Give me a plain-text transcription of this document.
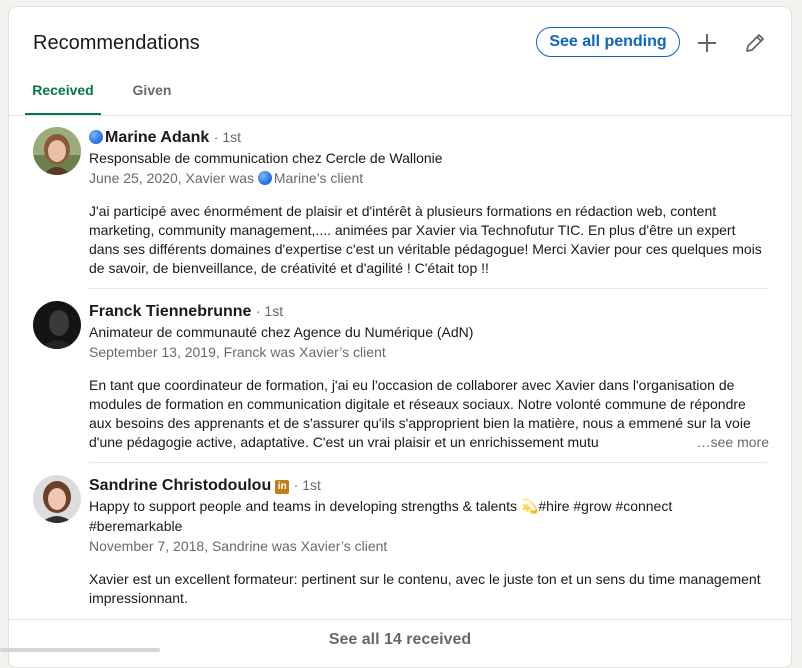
Recommendations	See all pending
Received	Given
Marine Adank · 1st
Responsable de communication chez Cercle de Wallonie
June 25, 2020, Xavier was Marine’s client
J'ai participé avec énormément de plaisir et d'intérêt à plusieurs formations en rédaction web, content marketing, community management,.... animées par Xavier via Technofutur TIC. En plus d'être un expert dans ses différents domaines d'expertise c'est un véritable pédagogue! Merci Xavier pour ces quelques mois de savoir, de bienveillance, de créativité et d'agilité ! C'était top !!
Franck Tiennebrunne · 1st
Animateur de communauté chez Agence du Numérique (AdN)
September 13, 2019, Franck was Xavier’s client
En tant que coordinateur de formation, j'ai eu l'occasion de collaborer avec Xavier dans l'organisation de modules de formation en communication digitale et réseaux sociaux. Notre volonté commune de répondre aux besoins des apprenants et de s'assurer qu'ils s'approprient bien la matière, nous a emmené sur la voie d'une pédagogie active, adaptative. C'est un vrai plaisir et un enrichissement mutu	…see more
Sandrine Christodoulou in · 1st
Happy to support people and teams in developing strengths & talents 💫#hire #grow #connect #beremarkable
November 7, 2018, Sandrine was Xavier’s client
Xavier est un excellent formateur: pertinent sur le contenu, avec le juste ton et un sens du time management impressionnant.
See all 14 received
